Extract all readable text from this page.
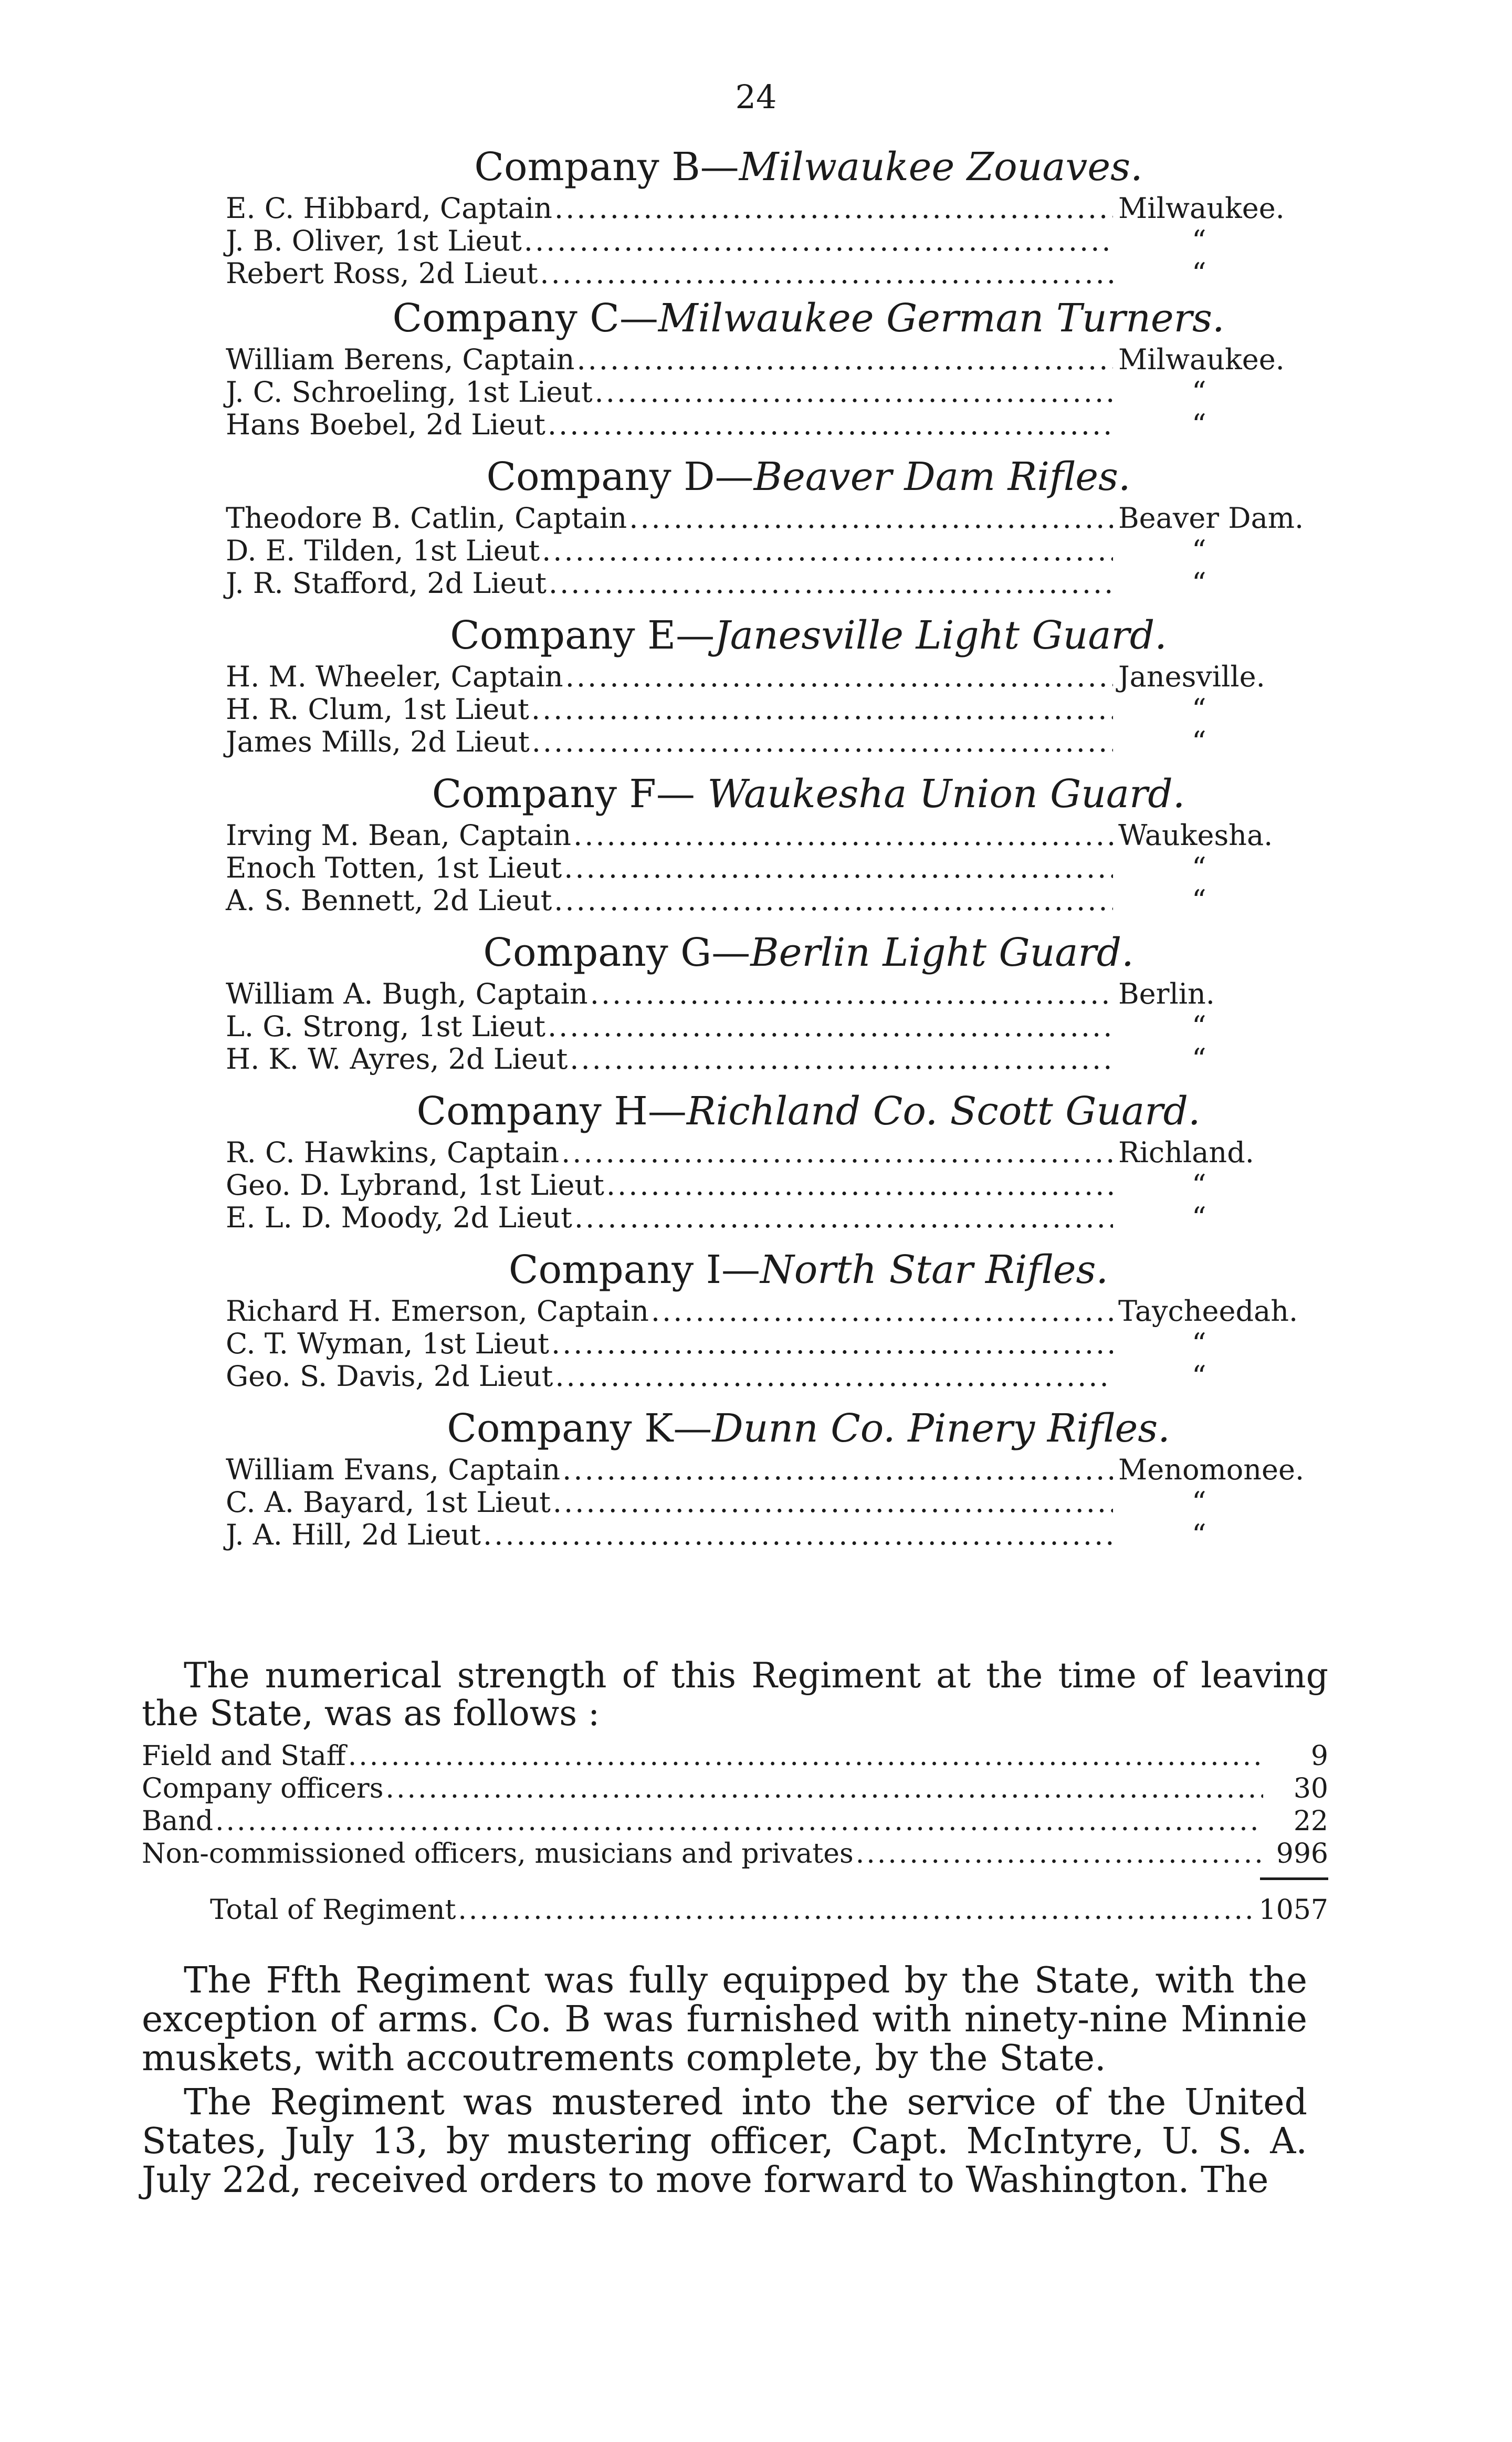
24
Company B—Milwaukee Zouaves.
E. C. Hibbard, Captain .....	Milwaukee.
J. B. Oliver, 1st Lieut .....	“
Rebert Ross, 2d Lieut .....	“
Company C—Milwaukee German Turners.
William Berens, Captain .....	Milwaukee.
J. C. Schroeling, 1st Lieut .....	“
Hans Boebel, 2d Lieut .....	“
Company D—Beaver Dam Rifles.
Theodore B. Catlin, Captain .....	Beaver Dam.
D. E. Tilden, 1st Lieut .....	“
J. R. Stafford, 2d Lieut .....	“
Company E—Janesville Light Guard.
H. M. Wheeler, Captain .....	Janesville.
H. R. Clum, 1st Lieut .....	“
James Mills, 2d Lieut .....	“
Company F— Waukesha Union Guard.
Irving M. Bean, Captain .....	Waukesha.
Enoch Totten, 1st Lieut .....	“
A. S. Bennett, 2d Lieut .....	“
Company G—Berlin Light Guard.
William A. Bugh, Captain .....	Berlin.
L. G. Strong, 1st Lieut .....	“
H. K. W. Ayres, 2d Lieut .....	“
Company H—Richland Co. Scott Guard.
R. C. Hawkins, Captain .....	Richland.
Geo. D. Lybrand, 1st Lieut .....	“
E. L. D. Moody, 2d Lieut .....	“
Company I—North Star Rifles.
Richard H. Emerson, Captain .....	Taycheedah.
C. T. Wyman, 1st Lieut .....	“
Geo. S. Davis, 2d Lieut .....	“
Company K—Dunn Co. Pinery Rifles.
William Evans, Captain .....	Menomonee.
C. A. Bayard, 1st Lieut .....	“
J. A. Hill, 2d Lieut .....	“

The numerical strength of this Regiment at the time of leaving the State, was as follows :

Field and Staff .....	9
Company officers .....	30
Band .....	22
Non-commissioned officers, musicians and privates .....	996
Total of Regiment .....	1057

The Ffth Regiment was fully equipped by the State, with the exception of arms. Co. B was furnished with ninety-nine Minnie muskets, with accoutrements complete, by the State.

The Regiment was mustered into the service of the United States, July 13, by mustering officer, Capt. McIntyre, U. S. A. July 22d, received orders to move forward to Washington. The
